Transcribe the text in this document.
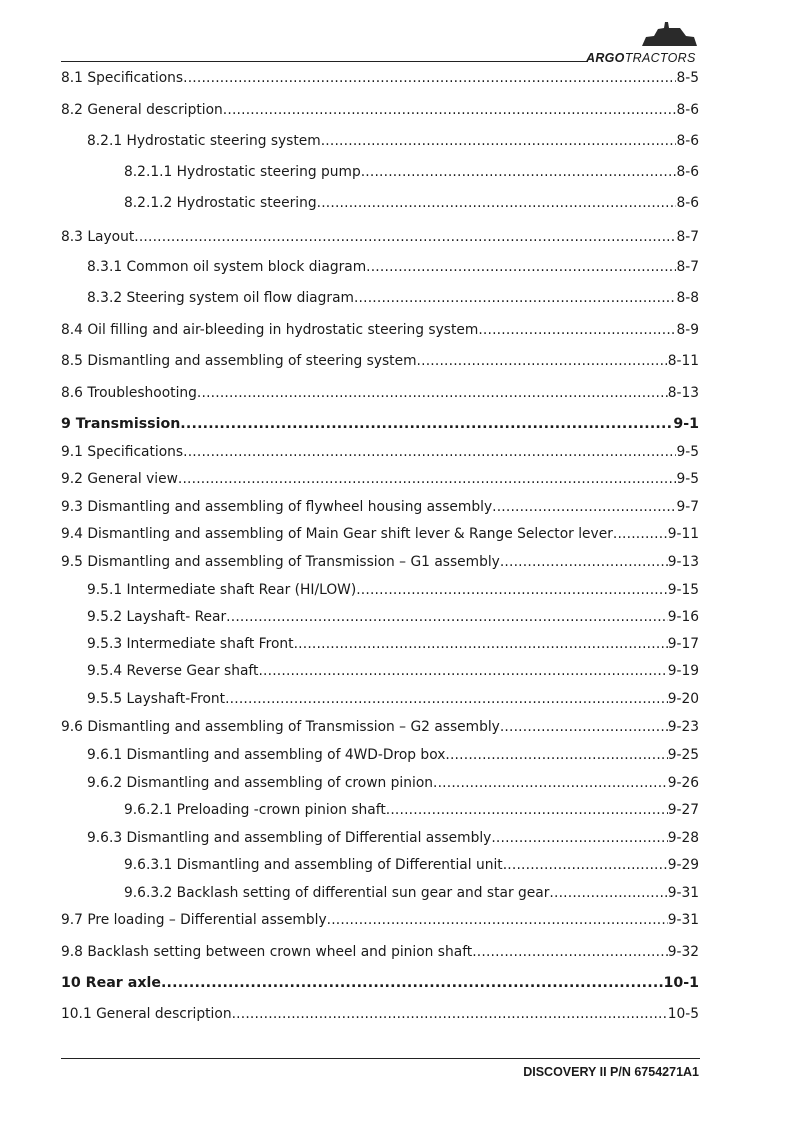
ARGOTRACTORS
8.1 Specifications .....	8-5
8.2 General description .....	8-6
8.2.1 Hydrostatic steering system .....	8-6
8.2.1.1 Hydrostatic steering pump .....	8-6
8.2.1.2 Hydrostatic steering .....	8-6
8.3 Layout .....	8-7
8.3.1 Common oil system block diagram .....	8-7
8.3.2 Steering system oil flow diagram .....	8-8
8.4 Oil filling and air-bleeding in hydrostatic steering system .....	8-9
8.5 Dismantling and assembling of steering system .....	8-11
8.6 Troubleshooting .....	8-13
9 Transmission .....	9-1
9.1 Specifications .....	9-5
9.2 General view .....	9-5
9.3 Dismantling and assembling of flywheel housing assembly .....	9-7
9.4 Dismantling and assembling of Main Gear shift lever & Range Selector lever .....	9-11
9.5 Dismantling and assembling of Transmission – G1 assembly .....	9-13
9.5.1 Intermediate shaft Rear (HI/LOW) .....	9-15
9.5.2 Layshaft- Rear .....	9-16
9.5.3 Intermediate shaft Front .....	9-17
9.5.4 Reverse Gear shaft .....	9-19
9.5.5 Layshaft-Front .....	9-20
9.6 Dismantling and assembling of Transmission – G2 assembly .....	9-23
9.6.1 Dismantling and assembling of 4WD-Drop box .....	9-25
9.6.2 Dismantling and assembling of crown pinion .....	9-26
9.6.2.1 Preloading -crown pinion shaft .....	9-27
9.6.3 Dismantling and assembling of Differential assembly .....	9-28
9.6.3.1 Dismantling and assembling of Differential unit .....	9-29
9.6.3.2 Backlash setting of differential sun gear and star gear .....	9-31
9.7 Pre loading – Differential assembly .....	9-31
9.8 Backlash setting between crown wheel and pinion shaft .....	9-32
10 Rear axle .....	10-1
10.1 General description .....	10-5
DISCOVERY II P/N 6754271A1
